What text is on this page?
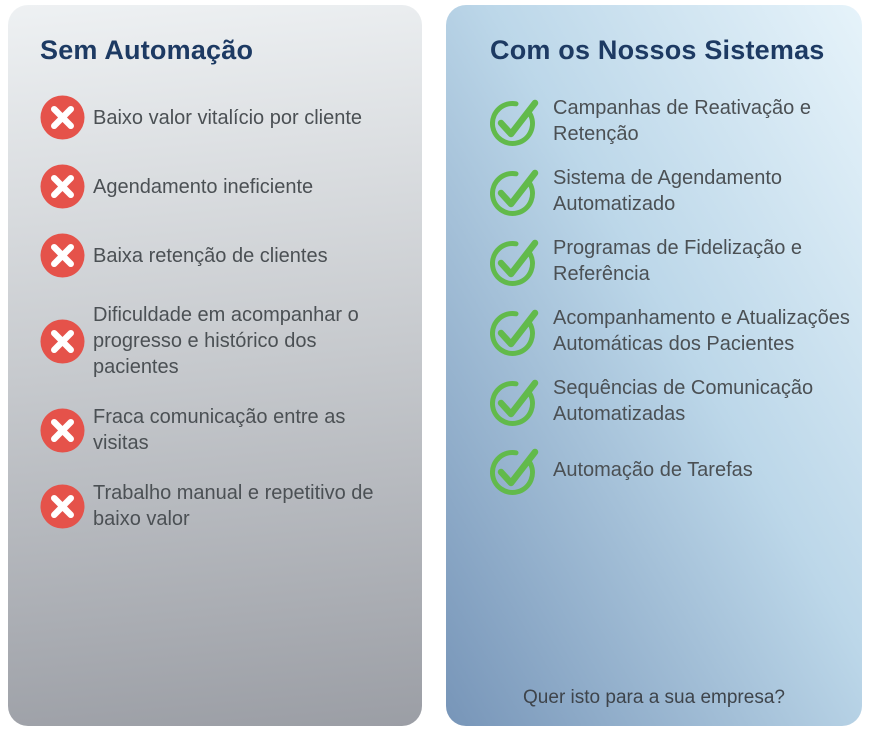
Sem Automação
Baixo valor vitalício por cliente
Agendamento ineficiente
Baixa retenção de clientes
Dificuldade em acompanhar o
progresso e histórico dos pacientes
Fraca comunicação entre as
visitas
Trabalho manual e repetitivo de
baixo valor
Com os Nossos Sistemas
Campanhas de Reativação e
Retenção
Sistema de Agendamento
Automatizado
Programas de Fidelização e
Referência
Acompanhamento e Atualizações
Automáticas dos Pacientes
Sequências de Comunicação
Automatizadas
Automação de Tarefas
Quer isto para a sua empresa?
